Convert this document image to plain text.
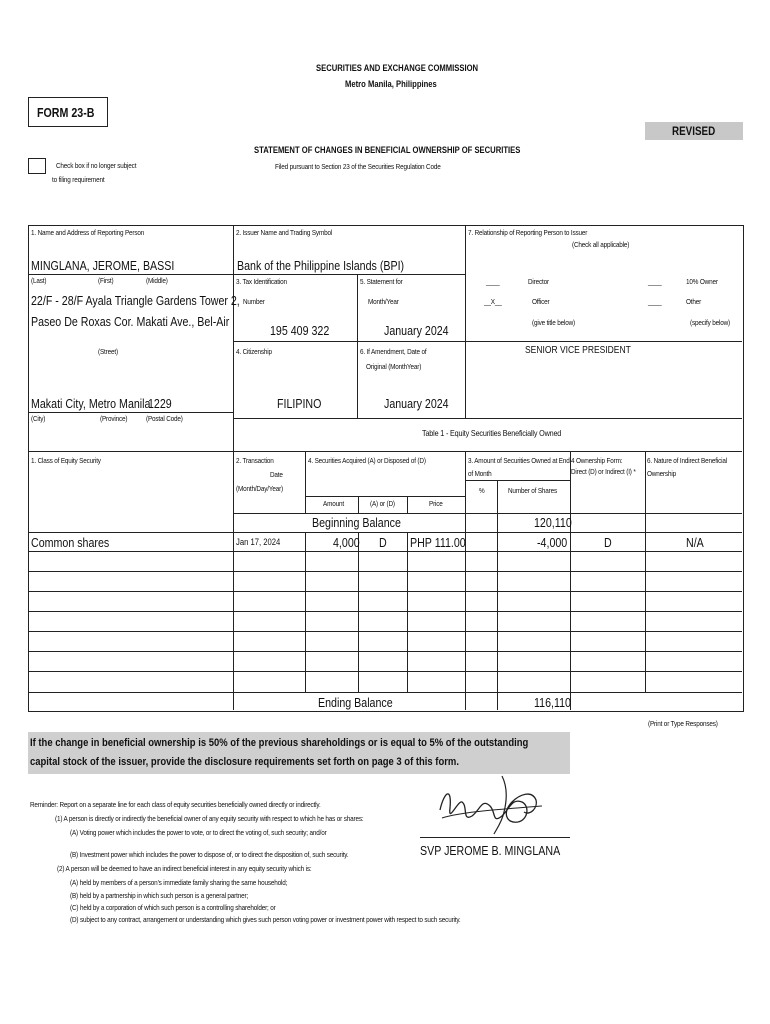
SECURITIES AND EXCHANGE COMMISSION
Metro Manila, Philippines
FORM 23-B
REVISED
STATEMENT OF CHANGES IN BENEFICIAL OWNERSHIP OF SECURITIES
Filed pursuant to Section 23 of the Securities Regulation Code
Check box if no longer subject
to filing requirement
1. Name and Address of Reporting Person
MINGLANA, JEROME, BASSI
(Last)	(First)	(Middle)
22/F - 28/F Ayala Triangle Gardens Tower 2,
Paseo De Roxas Cor. Makati Ave., Bel-Air
(Street)
Makati City, Metro Manila
1229
(City)	(Province) (Postal Code)
2. Issuer Name and Trading Symbol
Bank of the Philippine Islands (BPI)
3. Tax Identification
Number
195 409 322
5. Statement for
Month/Year
January 2024
4. Citizenship
FILIPINO
6. If Amendment, Date of
Original (MonthYear)
January 2024
7. Relationship of Reporting Person to Issuer
(Check all applicable)
____	Director	____	10% Owner
__X__	Officer	____	Other
(give title below)	(specify below)
SENIOR VICE PRESIDENT
Table 1 - Equity Securities Beneficially Owned
1. Class of Equity Security	2. Transaction
Date
(Month/Day/Year)
4. Securities Acquired (A) or Disposed of (D)
Amount	(A) or (D)	Price
3. Amount of Securities Owned at End
of Month
%	Number of Shares
4 Ownership Form:
Direct (D) or Indirect (I) *
6. Nature of Indirect Beneficial
Ownership
Beginning Balance	120,110
Common shares	Jan 17, 2024	4,000 D PHP 111.00	-4,000	D	N/A
Ending Balance	116,110
(Print or Type Responses)
If the change in beneficial ownership is 50% of the previous shareholdings or is equal to 5% of the outstanding
capital stock of the issuer, provide the disclosure requirements set forth on page 3 of this form.
Reminder: Report on a separate line for each class of equity securities beneficially owned directly or indirectly.
(1) A person is directly or indirectly the beneficial owner of any equity security with respect to which he has or shares:
(A) Voting power which includes the power to vote, or to direct the voting of, such security; and/or
(B) Investment power which includes the power to dispose of, or to direct the disposition of, such security.
(2) A person will be deemed to have an indirect beneficial interest in any equity security which is:
(A) held by members of a person's immediate family sharing the same household;
(B) held by a partnership in which such person is a general partner;
(C) held by a corporation of which such person is a controlling shareholder; or
(D) subject to any contract, arrangement or understanding which gives such person voting power or investment power with respect to such security.
SVP JEROME B. MINGLANA
